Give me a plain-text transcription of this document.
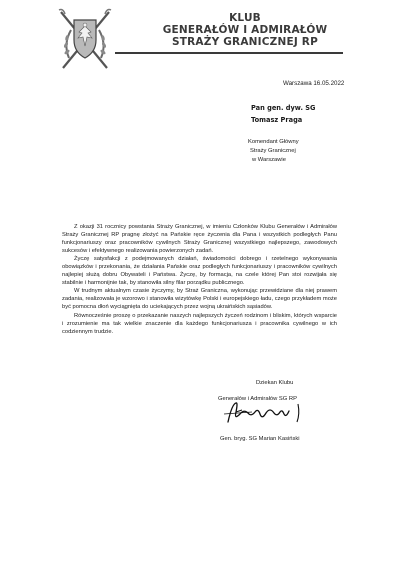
KLUB
GENERAŁÓW I ADMIRAŁÓW
STRAŻY GRANICZNEJ RP
Warszawa 16.05.2022
Pan gen. dyw. SG
Tomasz Praga
Komendant Główny
Straży Granicznej
w Warszawie

Z okazji 31 rocznicy powstania Straży Granicznej, w imieniu Członków Klubu Generałów i Admirałów Straży Granicznej RP pragnę złożyć na Pańskie ręce życzenia dla Pana i wszystkich podległych Panu funkcjonariuszy oraz pracowników cywilnych Straży Granicznej wszystkiego najlepszego, zawodowych sukcesów i efektywnego realizowania powierzonych zadań.

Życzę satysfakcji z podejmowanych działań, świadomości dobrego i rzetelnego wykonywania obowiązków i przekonania, że działania Pańskie oraz podległych funkcjonariuszy i pracowników cywilnych najlepiej służą dobru Obywateli i Państwa. Życzę, by formacja, na czele której Pan stoi rozwijała się stabilnie i harmonijnie tak, by stanowiła silny filar porządku publicznego.

W trudnym aktualnym czasie życzymy, by Straż Graniczna, wykonując przewidziane dla niej prawem zadania, realizowała je wzorowo i stanowiła wizytówkę Polski i europejskiego ładu, czego przykładem może być pomocna dłoń wyciągnięta do uciekających przez wojną ukraińskich sąsiadów.

Równocześnie proszę o przekazanie naszych najlepszych życzeń rodzinom i bliskim, których wsparcie i zrozumienie ma tak wielkie znaczenie dla każdego funkcjonariusza i pracownika cywilnego w ich codziennym trudzie.

Dziekan Klubu
Generałów i Admirałów SG RP
Gen. bryg. SG Marian Kasiński
